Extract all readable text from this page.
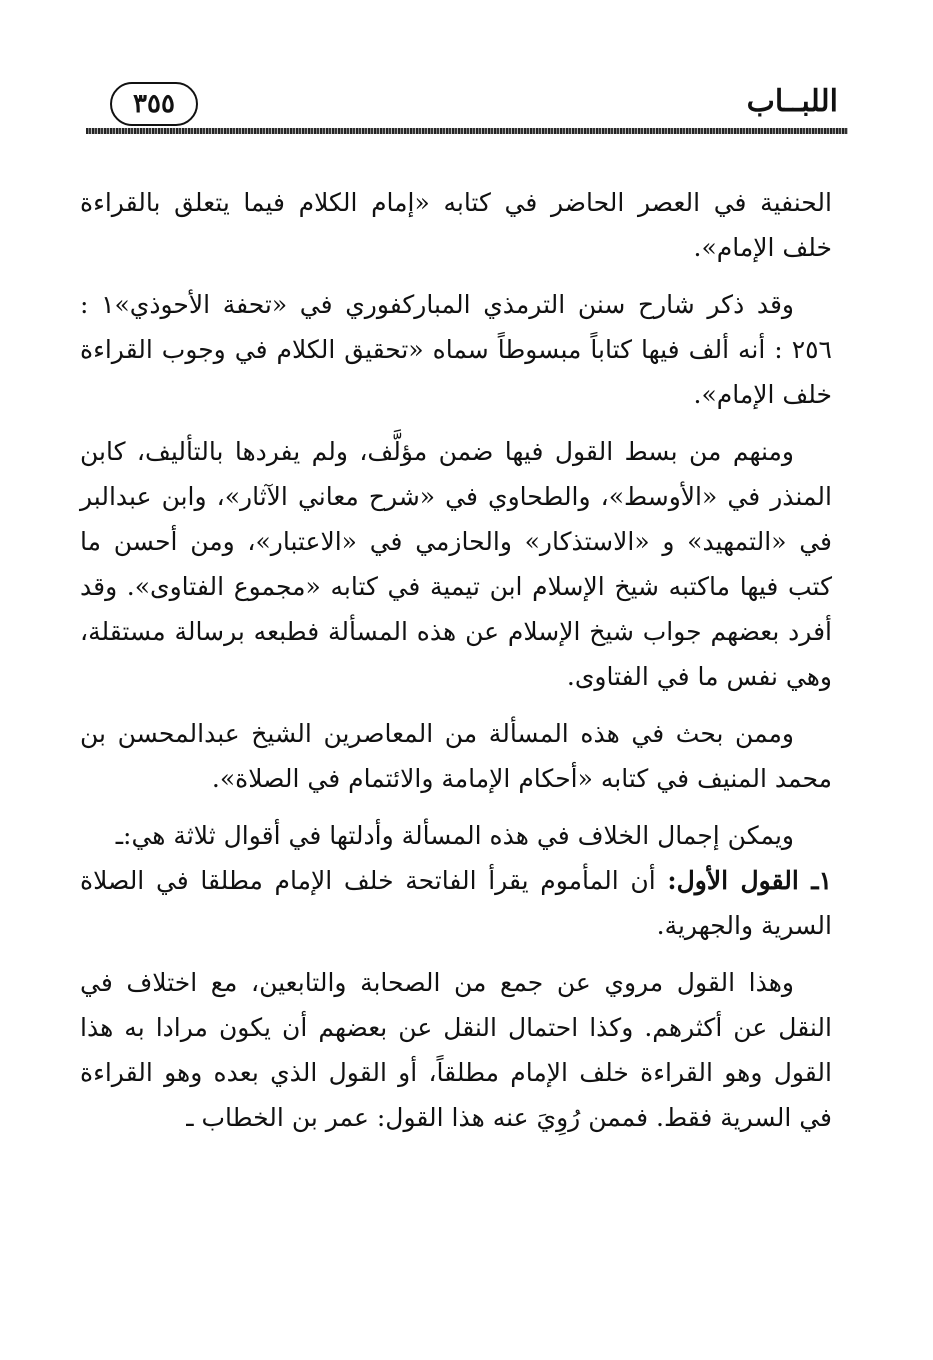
اللبــاب
٣٥٥

الحنفية في العصر الحاضر في كتابه «إمام الكلام فيما يتعلق بالقراءة خلف الإمام».

وقد ذكر شارح سنن الترمذي المباركفوري في «تحفة الأحوذي»١ : ٢٥٦ : أنه ألف فيها كتاباً مبسوطاً سماه «تحقيق الكلام في وجوب القراءة خلف الإمام».

ومنهم من بسط القول فيها ضمن مؤلَّف، ولم يفردها بالتأليف، كابن المنذر في «الأوسط»، والطحاوي في «شرح معاني الآثار»، وابن عبدالبر في «التمهيد» و «الاستذكار» والحازمي في «الاعتبار»، ومن أحسن ما كتب فيها ماكتبه شيخ الإسلام ابن تيمية في كتابه «مجموع الفتاوى». وقد أفرد بعضهم جواب شيخ الإسلام عن هذه المسألة فطبعه برسالة مستقلة، وهي نفس ما في الفتاوى.

وممن بحث في هذه المسألة من المعاصرين الشيخ عبدالمحسن بن محمد المنيف في كتابه «أحكام الإمامة والائتمام في الصلاة».

ويمكن إجمال الخلاف في هذه المسألة وأدلتها في أقوال ثلاثة هي:ـ

١ـ القول الأول: أن المأموم يقرأ الفاتحة خلف الإمام مطلقا في الصلاة السرية والجهرية.

وهذا القول مروي عن جمع من الصحابة والتابعين، مع اختلاف في النقل عن أكثرهم. وكذا احتمال النقل عن بعضهم أن يكون مرادا به هذا القول وهو القراءة خلف الإمام مطلقاً، أو القول الذي بعده وهو القراءة في السرية فقط. فممن رُوِيَ عنه هذا القول: عمر بن الخطاب ـ
